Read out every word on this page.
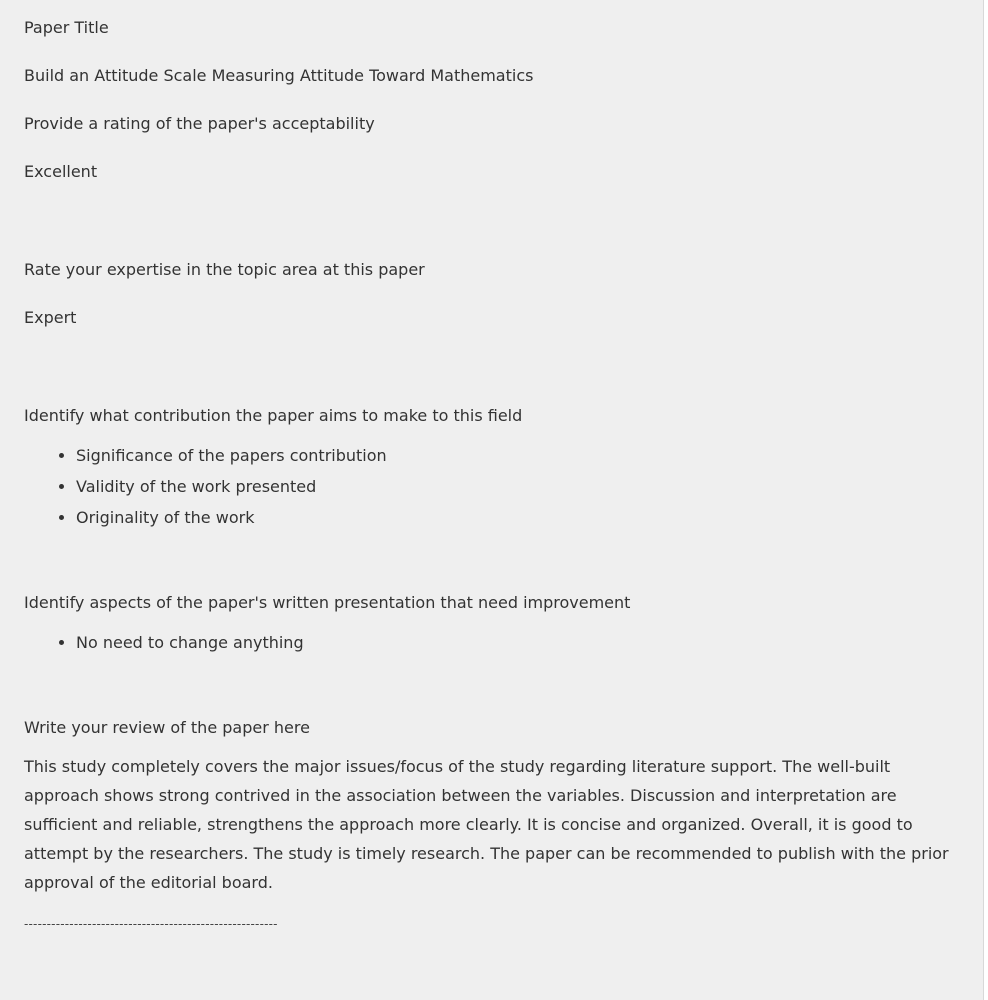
Paper Title

Build an Attitude Scale Measuring Attitude Toward Mathematics

Provide a rating of the paper's acceptability

Excellent

Rate your expertise in the topic area at this paper

Expert

Identify what contribution the paper aims to make to this field

• Significance of the papers contribution
• Validity of the work presented
• Originality of the work

Identify aspects of the paper's written presentation that need improvement

• No need to change anything

Write your review of the paper here

This study completely covers the major issues/focus of the study regarding literature support. The well-built approach shows strong contrived in the association between the variables. Discussion and interpretation are sufficient and reliable, strengthens the approach more clearly. It is concise and organized. Overall, it is good to attempt by the researchers. The study is timely research. The paper can be recommended to publish with the prior approval of the editorial board.

--------------------------------------------------------
